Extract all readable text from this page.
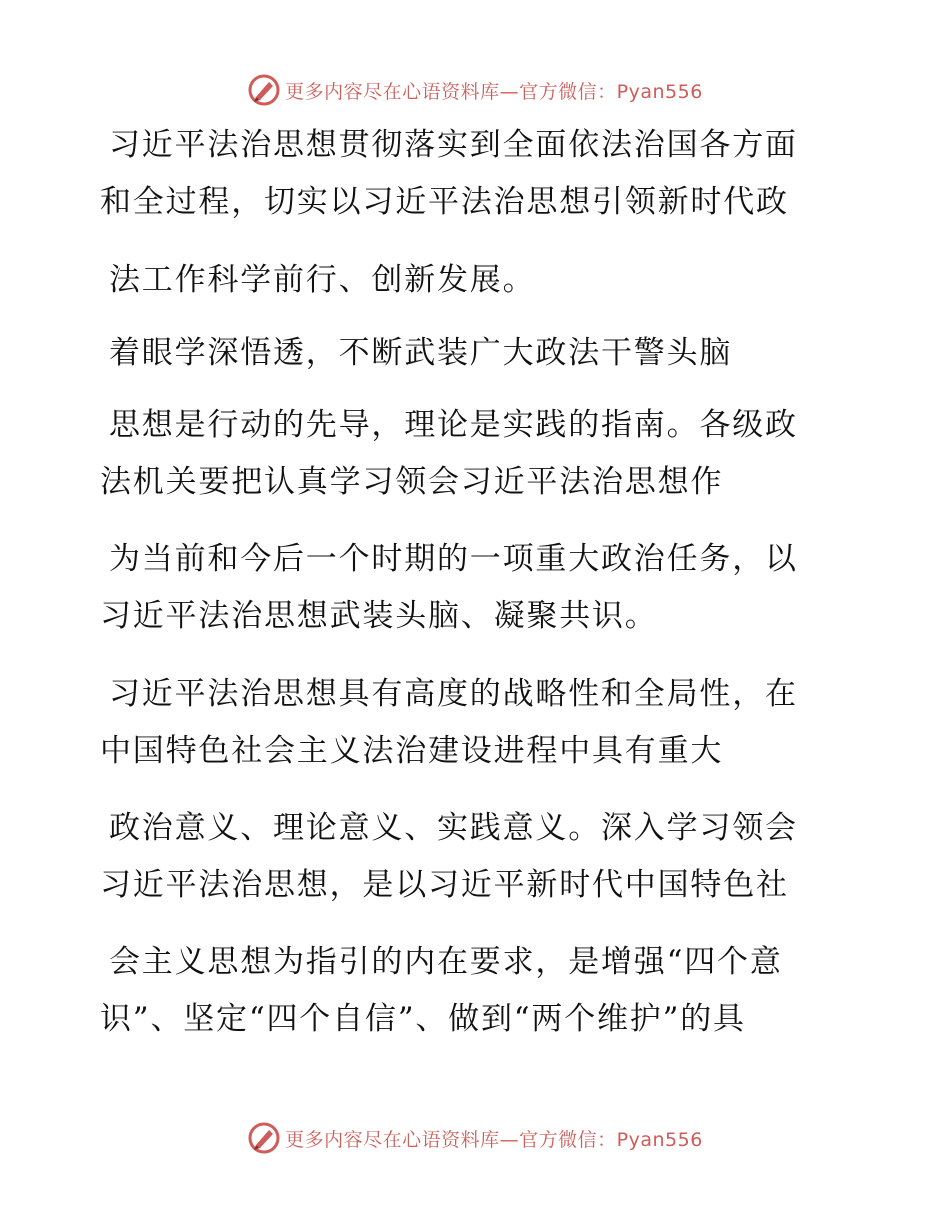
更多内容尽在心语资料库—官方微信：Pyan556
习近平法治思想贯彻落实到全面依法治国各方面
和全过程，切实以习近平法治思想引领新时代政
法工作科学前行、创新发展。
着眼学深悟透，不断武装广大政法干警头脑
思想是行动的先导，理论是实践的指南。各级政
法机关要把认真学习领会习近平法治思想作
为当前和今后一个时期的一项重大政治任务，以
习近平法治思想武装头脑、凝聚共识。
习近平法治思想具有高度的战略性和全局性，在
中国特色社会主义法治建设进程中具有重大
政治意义、理论意义、实践意义。深入学习领会
习近平法治思想，是以习近平新时代中国特色社
会主义思想为指引的内在要求，是增强“四个意
识”、坚定“四个自信”、做到“两个维护”的具
更多内容尽在心语资料库—官方微信：Pyan556
